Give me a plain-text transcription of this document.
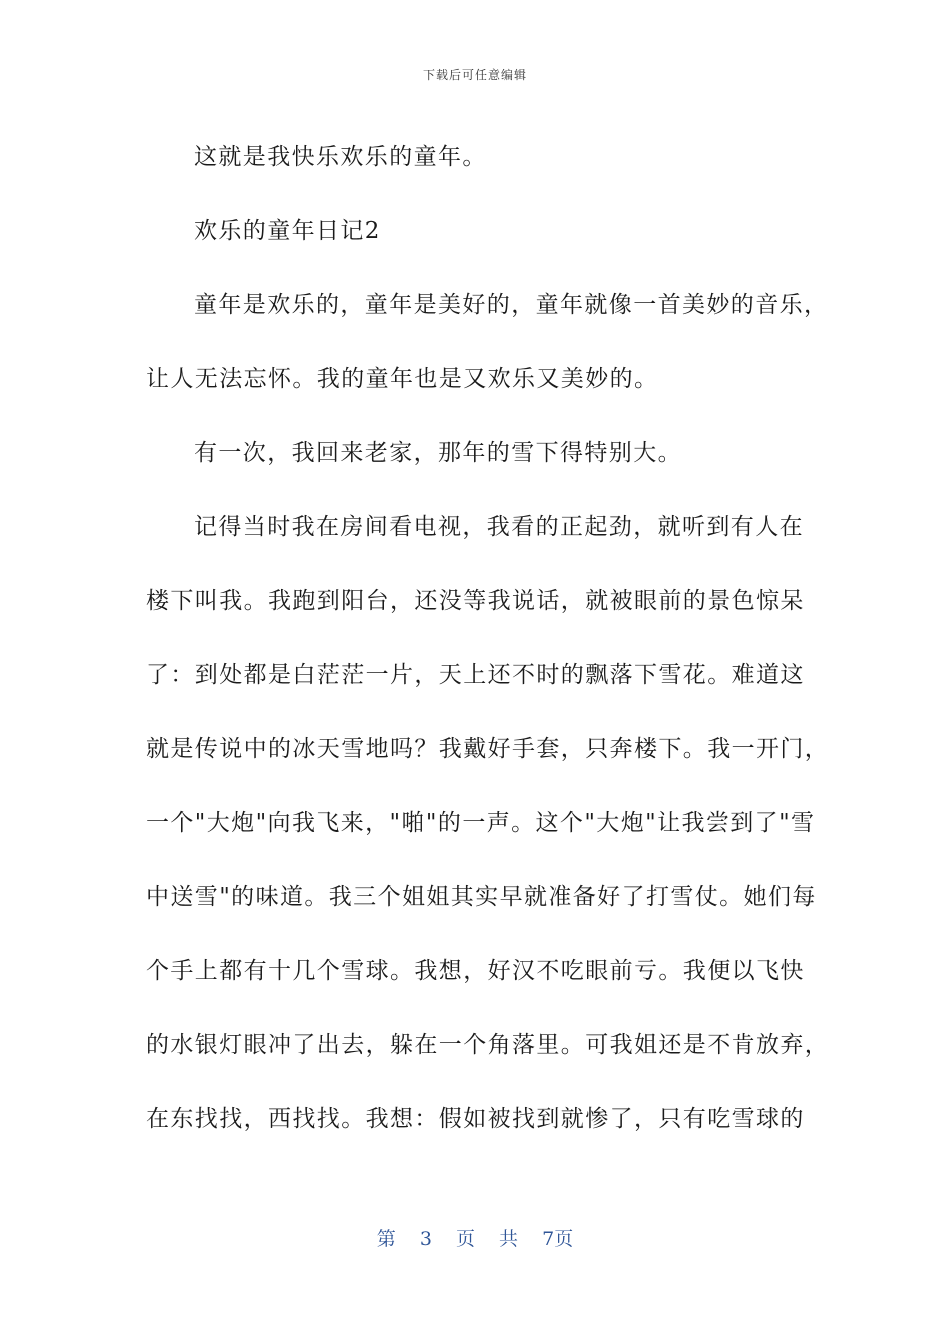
下载后可任意编辑

这就是我快乐欢乐的童年。

欢乐的童年日记2

童年是欢乐的，童年是美好的，童年就像一首美妙的音乐，

让人无法忘怀。我的童年也是又欢乐又美妙的。

有一次，我回来老家，那年的雪下得特别大。

记得当时我在房间看电视，我看的正起劲，就听到有人在

楼下叫我。我跑到阳台，还没等我说话，就被眼前的景色惊呆

了：到处都是白茫茫一片，天上还不时的飘落下雪花。难道这

就是传说中的冰天雪地吗？我戴好手套，只奔楼下。我一开门，

一个"大炮"向我飞来，"啪"的一声。这个"大炮"让我尝到了"雪

中送雪"的味道。我三个姐姐其实早就准备好了打雪仗。她们每

个手上都有十几个雪球。我想，好汉不吃眼前亏。我便以飞快

的水银灯眼冲了出去，躲在一个角落里。可我姐还是不肯放弃，

在东找找，西找找。我想：假如被找到就惨了，只有吃雪球的

第 3 页 共 7页
